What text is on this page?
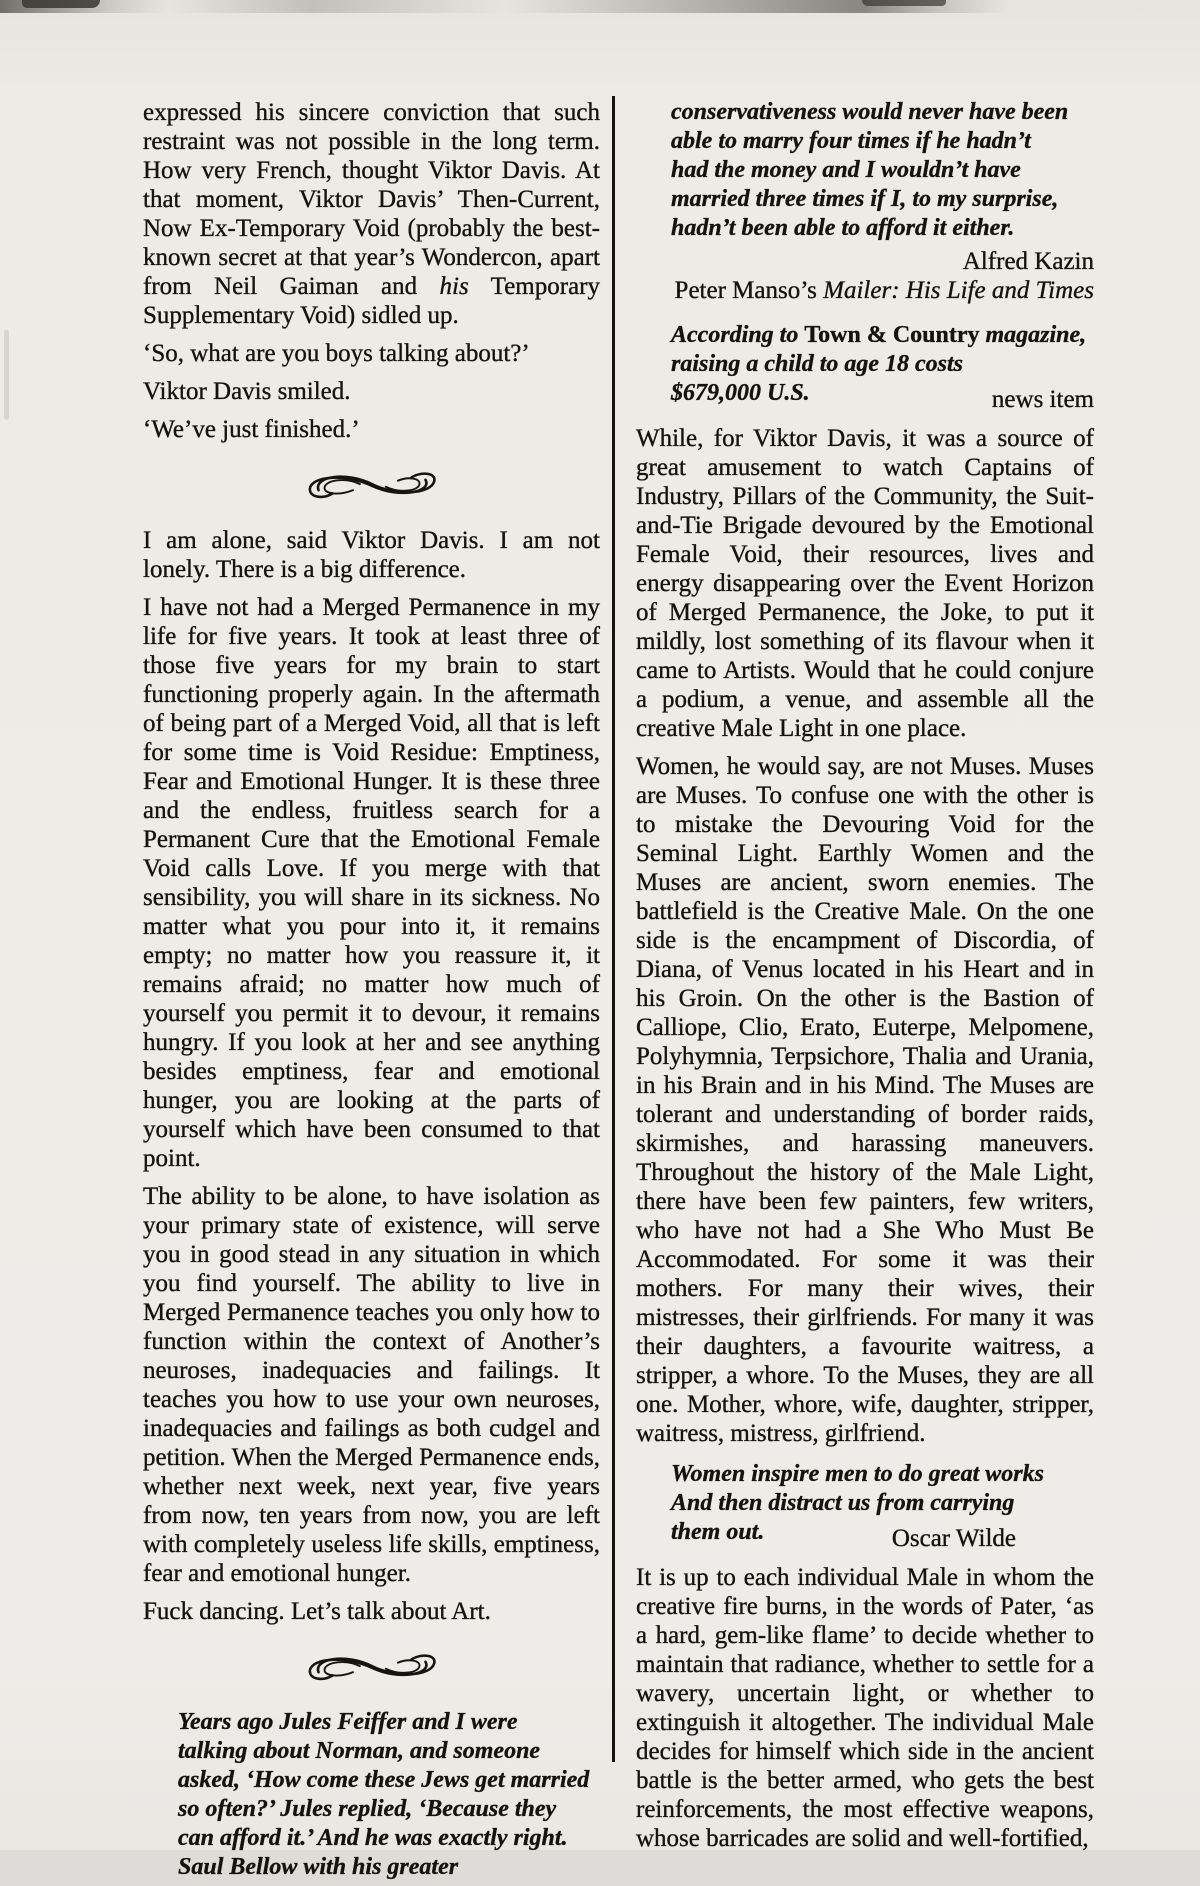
expressed his sincere conviction that such restraint was not possible in the long term. How very French, thought Viktor Davis. At that moment, Viktor Davis’ Then-Current, Now Ex-Temporary Void (probably the best-known secret at that year’s Wondercon, apart from Neil Gaiman and his Temporary Supplementary Void) sidled up.

‘So, what are you boys talking about?’

Viktor Davis smiled.

‘We’ve just finished.’

I am alone, said Viktor Davis. I am not lonely. There is a big difference.

I have not had a Merged Permanence in my life for five years. It took at least three of those five years for my brain to start functioning properly again. In the aftermath of being part of a Merged Void, all that is left for some time is Void Residue: Emptiness, Fear and Emotional Hunger. It is these three and the endless, fruitless search for a Permanent Cure that the Emotional Female Void calls Love. If you merge with that sensibility, you will share in its sickness. No matter what you pour into it, it remains empty; no matter how you reassure it, it remains afraid; no matter how much of yourself you permit it to devour, it remains hungry. If you look at her and see anything besides emptiness, fear and emotional hunger, you are looking at the parts of yourself which have been consumed to that point.

The ability to be alone, to have isolation as your primary state of existence, will serve you in good stead in any situation in which you find yourself. The ability to live in Merged Permanence teaches you only how to function within the context of Another’s neuroses, inadequacies and failings. It teaches you how to use your own neuroses, inadequacies and failings as both cudgel and petition. When the Merged Permanence ends, whether next week, next year, five years from now, ten years from now, you are left with completely useless life skills, emptiness, fear and emotional hunger.

Fuck dancing. Let’s talk about Art.

Years ago Jules Feiffer and I were
talking about Norman, and someone
asked, ‘How come these Jews get married
so often?’ Jules replied, ‘Because they
can afford it.’ And he was exactly right.
Saul Bellow with his greater
conservativeness would never have been
able to marry four times if he hadn’t
had the money and I wouldn’t have
married three times if I, to my surprise,
hadn’t been able to afford it either.
Alfred Kazin
Peter Manso’s Mailer: His Life and Times
According to Town & Country magazine,
raising a child to age 18 costs
$679,000 U.S.	news item

While, for Viktor Davis, it was a source of great amusement to watch Captains of Industry, Pillars of the Community, the Suit-and-Tie Brigade devoured by the Emotional Female Void, their resources, lives and energy disappearing over the Event Horizon of Merged Permanence, the Joke, to put it mildly, lost something of its flavour when it came to Artists. Would that he could conjure a podium, a venue, and assemble all the creative Male Light in one place.

Women, he would say, are not Muses. Muses are Muses. To confuse one with the other is to mistake the Devouring Void for the Seminal Light. Earthly Women and the Muses are ancient, sworn enemies. The battlefield is the Creative Male. On the one side is the encampment of Discordia, of Diana, of Venus located in his Heart and in his Groin. On the other is the Bastion of Calliope, Clio, Erato, Euterpe, Melpomene, Polyhymnia, Terpsichore, Thalia and Urania, in his Brain and in his Mind. The Muses are tolerant and understanding of border raids, skirmishes, and harassing maneuvers. Throughout the history of the Male Light, there have been few painters, few writers, who have not had a She Who Must Be Accommodated. For some it was their mothers. For many their wives, their mistresses, their girlfriends. For many it was their daughters, a favourite waitress, a stripper, a whore. To the Muses, they are all one. Mother, whore, wife, daughter, stripper, waitress, mistress, girlfriend.

Women inspire men to do great works
And then distract us from carrying
them out.	Oscar Wilde

It is up to each individual Male in whom the creative fire burns, in the words of Pater, ‘as a hard, gem-like flame’ to decide whether to maintain that radiance, whether to settle for a wavery, uncertain light, or whether to extinguish it altogether. The individual Male decides for himself which side in the ancient battle is the better armed, who gets the best reinforcements, the most effective weapons, whose barricades are solid and well-fortified,
